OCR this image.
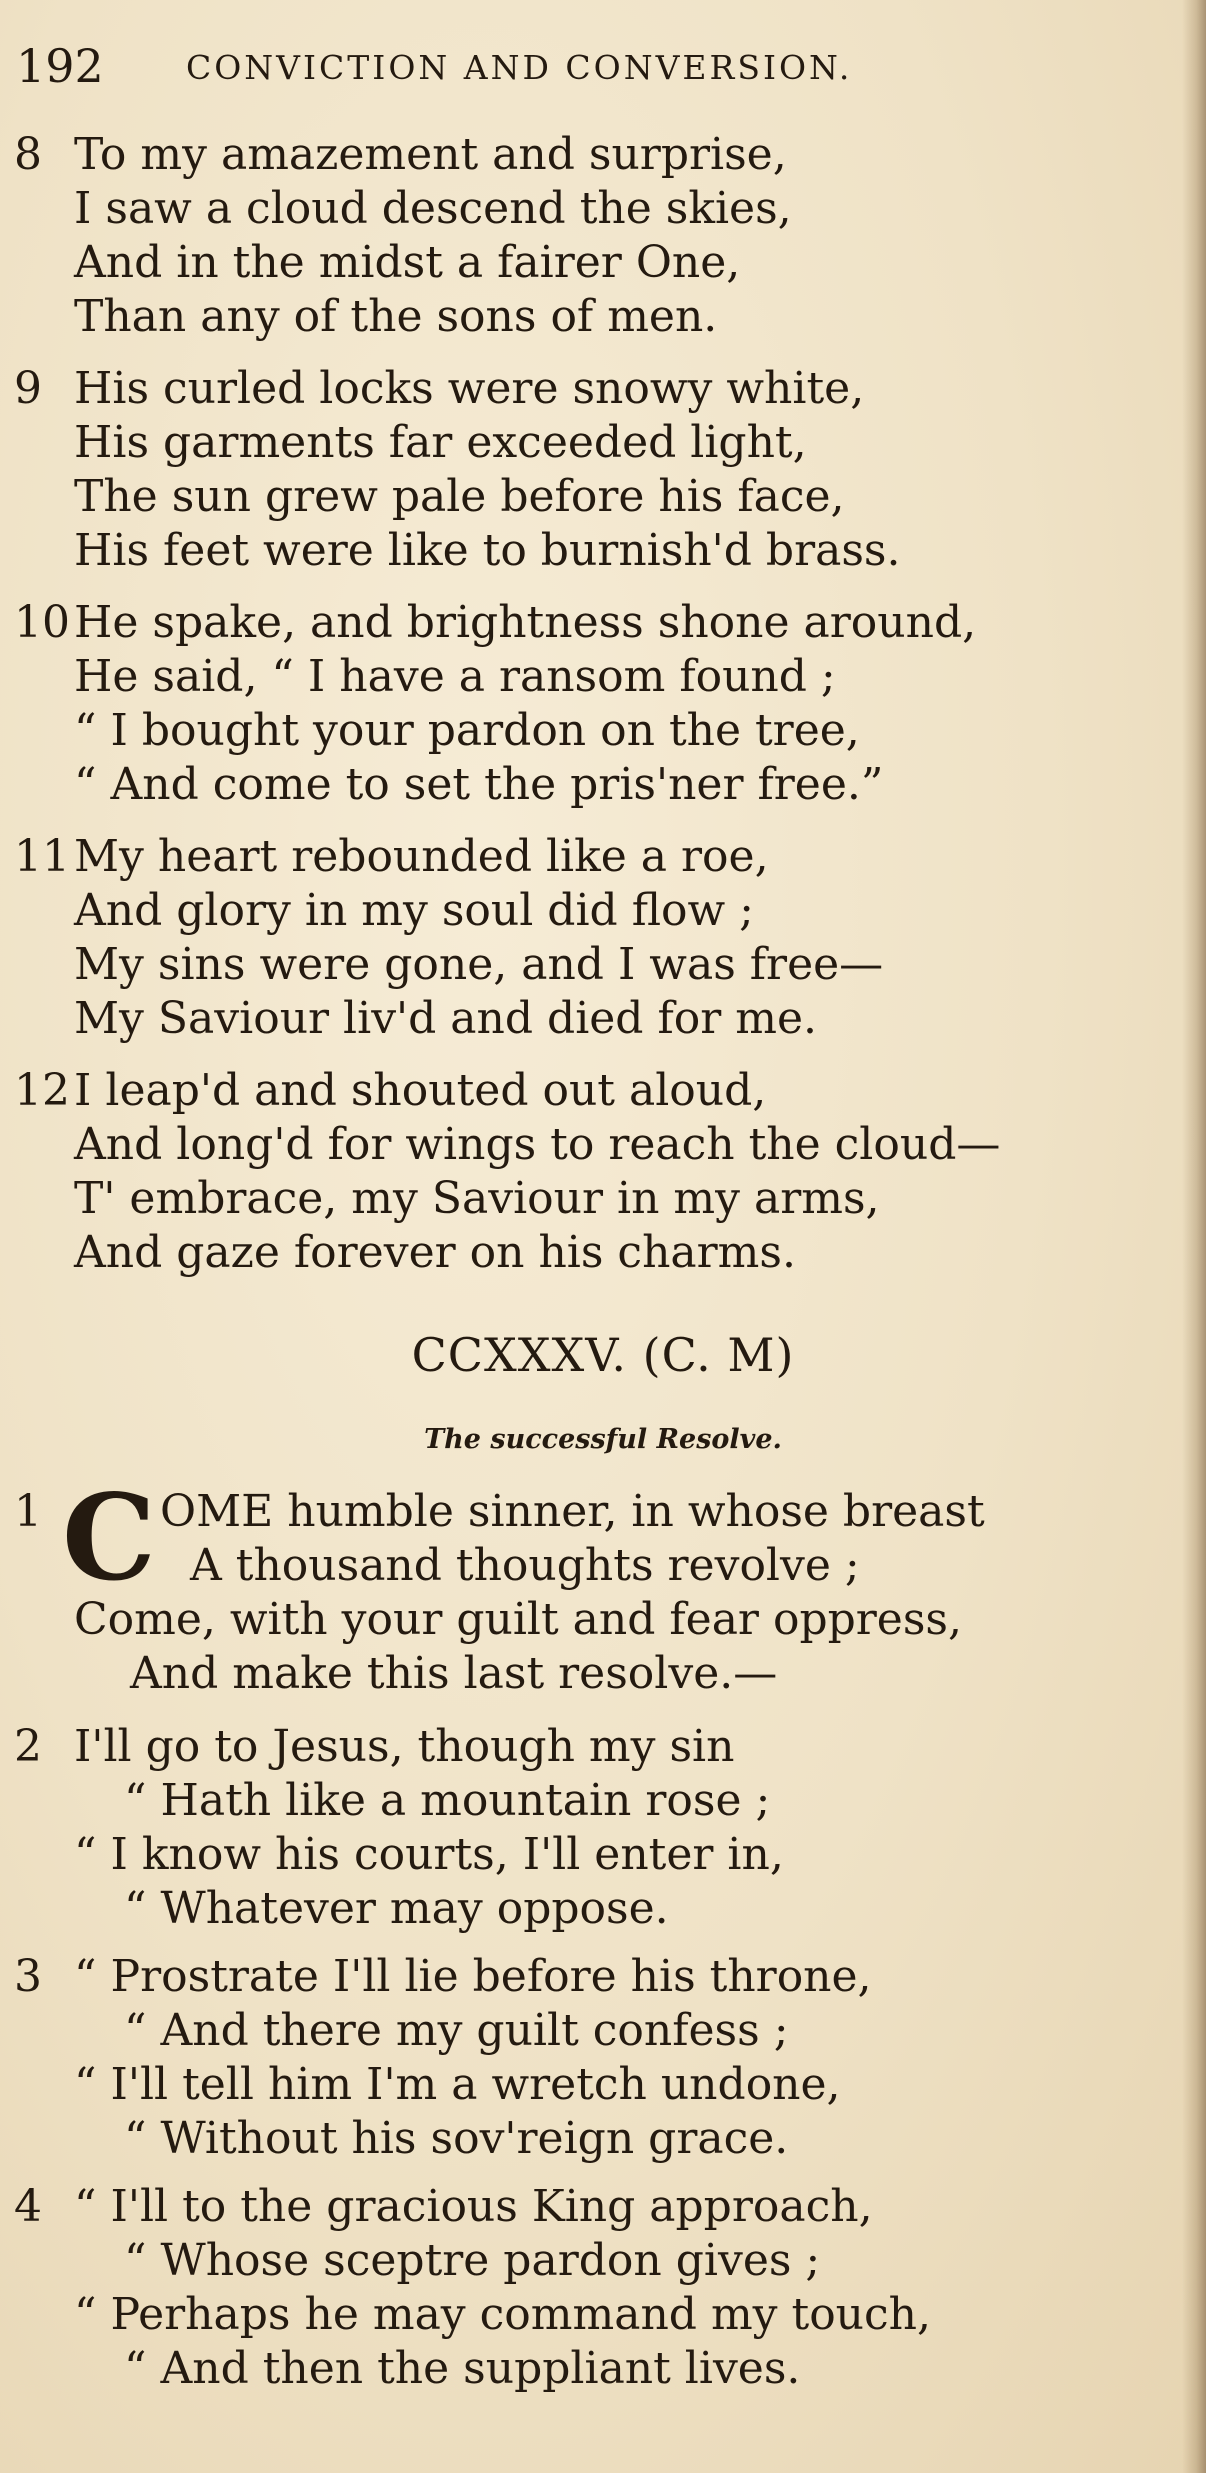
192 CONVICTION AND CONVERSION.
8 To my amazement and surprise,
I saw a cloud descend the skies,
And in the midst a fairer One,
Than any of the sons of men.
9 His curled locks were snowy white,
His garments far exceeded light,
The sun grew pale before his face,
His feet were like to burnish'd brass.
10 He spake, and brightness shone around,
He said, “ I have a ransom found ;
“ I bought your pardon on the tree,
“ And come to set the pris'ner free.”
11 My heart rebounded like a roe,
And glory in my soul did flow ;
My sins were gone, and I was free—
My Saviour liv'd and died for me.
12 I leap'd and shouted out aloud,
And long'd for wings to reach the cloud—
T' embrace, my Saviour in my arms,
And gaze forever on his charms.
CCXXXV. (C. M)
The successful Resolve.
C
1	OME humble sinner, in whose breast
A thousand thoughts revolve ;
Come, with your guilt and fear oppress,
And make this last resolve.—
2 I'll go to Jesus, though my sin
“ Hath like a mountain rose ;
“ I know his courts, I'll enter in,
“ Whatever may oppose.
3 “ Prostrate I'll lie before his throne,
“ And there my guilt confess ;
“ I'll tell him I'm a wretch undone,
“ Without his sov'reign grace.
4 “ I'll to the gracious King approach,
“ Whose sceptre pardon gives ;
“ Perhaps he may command my touch,
“ And then the suppliant lives.
